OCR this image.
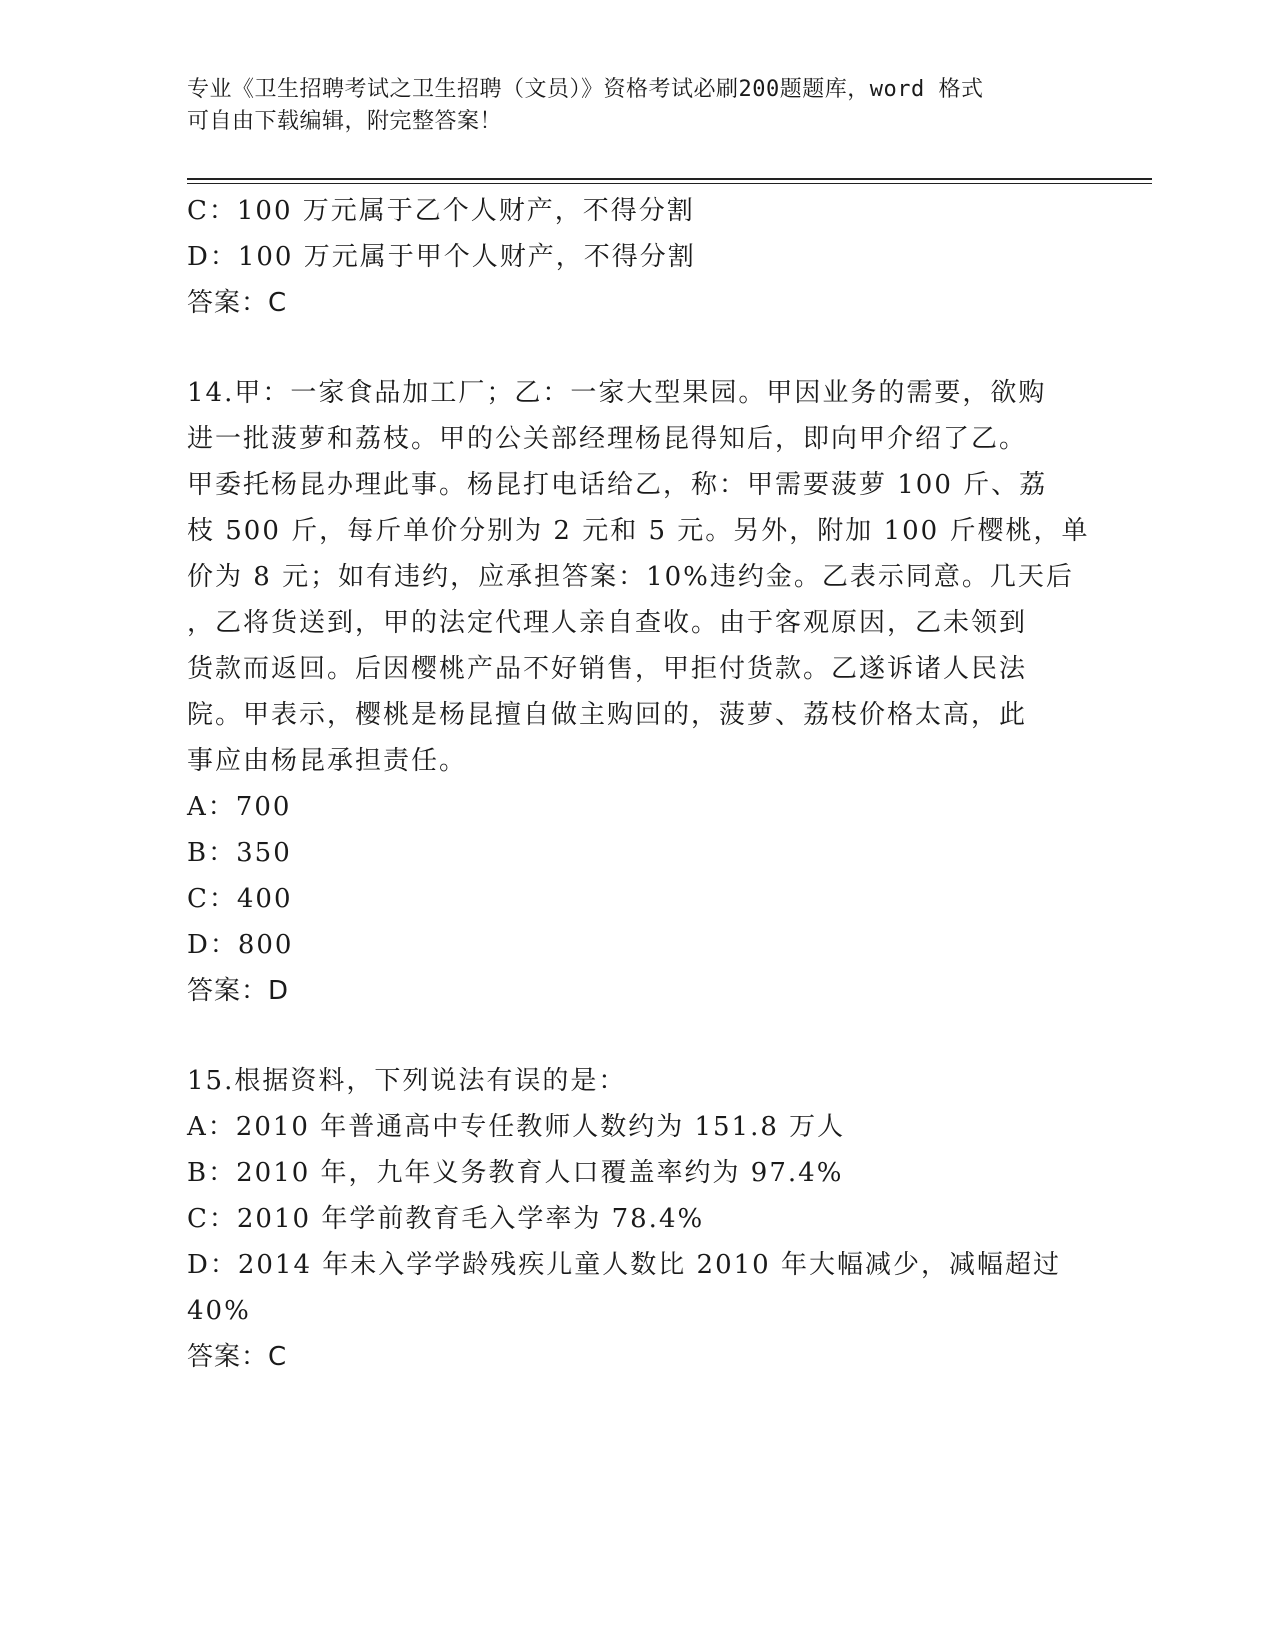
专业《卫生招聘考试之卫生招聘（文员）》资格考试必刷200题题库，word 格式
可自由下载编辑，附完整答案！
C：100 万元属于乙个人财产，不得分割
D：100 万元属于甲个人财产，不得分割
答案：C
14.甲：一家食品加工厂；乙：一家大型果园。甲因业务的需要，欲购
进一批菠萝和荔枝。甲的公关部经理杨昆得知后，即向甲介绍了乙。
甲委托杨昆办理此事。杨昆打电话给乙，称：甲需要菠萝 100 斤、荔
枝 500 斤，每斤单价分别为 2 元和 5 元。另外，附加 100 斤樱桃，单
价为 8 元；如有违约，应承担答案：10%违约金。乙表示同意。几天后
，乙将货送到，甲的法定代理人亲自查收。由于客观原因，乙未领到
货款而返回。后因樱桃产品不好销售，甲拒付货款。乙遂诉诸人民法
院。甲表示，樱桃是杨昆擅自做主购回的，菠萝、荔枝价格太高，此
事应由杨昆承担责任。
A：700
B：350
C：400
D：800
答案：D
15.根据资料，下列说法有误的是：
A：2010 年普通高中专任教师人数约为 151.8 万人
B：2010 年，九年义务教育人口覆盖率约为 97.4%
C：2010 年学前教育毛入学率为 78.4%
D：2014 年未入学学龄残疾儿童人数比 2010 年大幅减少，减幅超过
40%
答案：C
